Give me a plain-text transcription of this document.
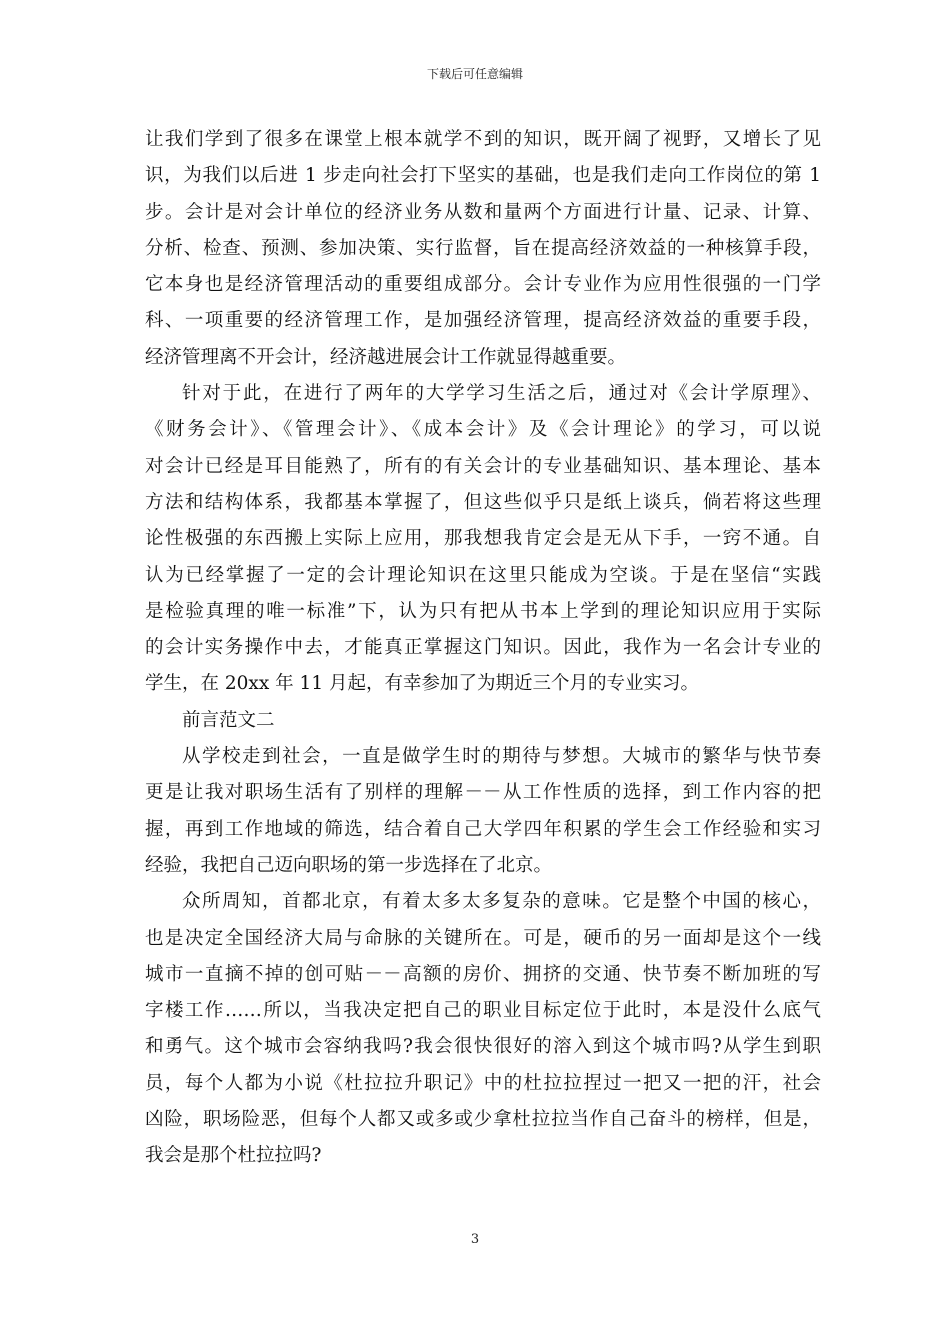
下载后可任意编辑
让我们学到了很多在课堂上根本就学不到的知识，既开阔了视野，又增长了见
识，为我们以后进 1 步走向社会打下坚实的基础，也是我们走向工作岗位的第 1
步。会计是对会计单位的经济业务从数和量两个方面进行计量、记录、计算、
分析、检查、预测、参加决策、实行监督，旨在提高经济效益的一种核算手段，
它本身也是经济管理活动的重要组成部分。会计专业作为应用性很强的一门学
科、一项重要的经济管理工作，是加强经济管理，提高经济效益的重要手段，
经济管理离不开会计，经济越进展会计工作就显得越重要。
针对于此，在进行了两年的大学学习生活之后，通过对《会计学原理》、
《财务会计》、《管理会计》、《成本会计》及《会计理论》的学习，可以说
对会计已经是耳目能熟了，所有的有关会计的专业基础知识、基本理论、基本
方法和结构体系，我都基本掌握了，但这些似乎只是纸上谈兵，倘若将这些理
论性极强的东西搬上实际上应用，那我想我肯定会是无从下手，一窍不通。自
认为已经掌握了一定的会计理论知识在这里只能成为空谈。于是在坚信“实践
是检验真理的唯一标准”下，认为只有把从书本上学到的理论知识应用于实际
的会计实务操作中去，才能真正掌握这门知识。因此，我作为一名会计专业的
学生，在 20xx 年 11 月起，有幸参加了为期近三个月的专业实习。
前言范文二
从学校走到社会，一直是做学生时的期待与梦想。大城市的繁华与快节奏
更是让我对职场生活有了别样的理解－－从工作性质的选择，到工作内容的把
握，再到工作地域的筛选，结合着自己大学四年积累的学生会工作经验和实习
经验，我把自己迈向职场的第一步选择在了北京。
众所周知，首都北京，有着太多太多复杂的意味。它是整个中国的核心，
也是决定全国经济大局与命脉的关键所在。可是，硬币的另一面却是这个一线
城市一直摘不掉的创可贴－－高额的房价、拥挤的交通、快节奏不断加班的写
字楼工作……所以，当我决定把自己的职业目标定位于此时，本是没什么底气
和勇气。这个城市会容纳我吗?我会很快很好的溶入到这个城市吗?从学生到职
员，每个人都为小说《杜拉拉升职记》中的杜拉拉捏过一把又一把的汗，社会
凶险，职场险恶，但每个人都又或多或少拿杜拉拉当作自己奋斗的榜样，但是，
我会是那个杜拉拉吗?
3
